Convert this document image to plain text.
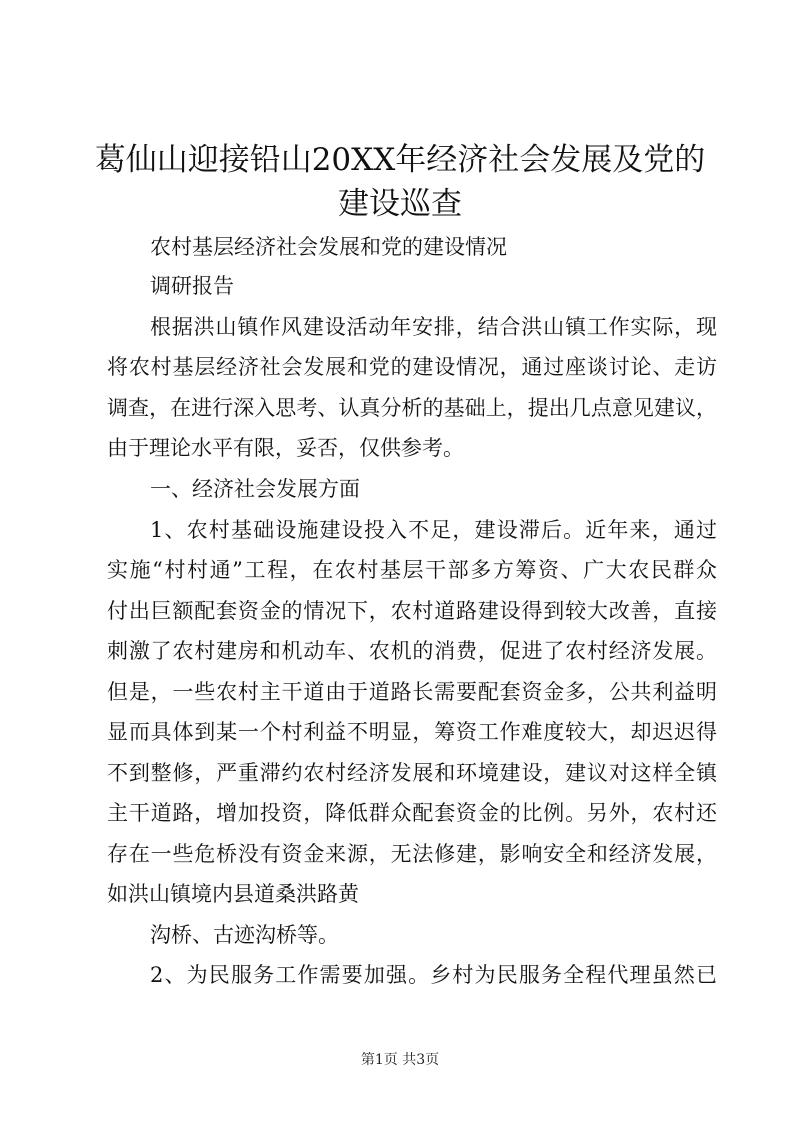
葛仙山迎接铅山20XX年经济社会发展及党的
建设巡查
农村基层经济社会发展和党的建设情况
调研报告
根据洪山镇作风建设活动年安排，结合洪山镇工作实际，现
将农村基层经济社会发展和党的建设情况，通过座谈讨论、走访
调查，在进行深入思考、认真分析的基础上，提出几点意见建议，
由于理论水平有限，妥否，仅供参考。
一、经济社会发展方面
1、农村基础设施建设投入不足，建设滞后。近年来，通过
实施“村村通”工程，在农村基层干部多方筹资、广大农民群众
付出巨额配套资金的情况下，农村道路建设得到较大改善，直接
刺激了农村建房和机动车、农机的消费，促进了农村经济发展。
但是，一些农村主干道由于道路长需要配套资金多，公共利益明
显而具体到某一个村利益不明显，筹资工作难度较大，却迟迟得
不到整修，严重滞约农村经济发展和环境建设，建议对这样全镇
主干道路，增加投资，降低群众配套资金的比例。另外，农村还
存在一些危桥没有资金来源，无法修建，影响安全和经济发展，
如洪山镇境内县道桑洪路黄
沟桥、古迹沟桥等。
2、为民服务工作需要加强。乡村为民服务全程代理虽然已
第1页 共3页
